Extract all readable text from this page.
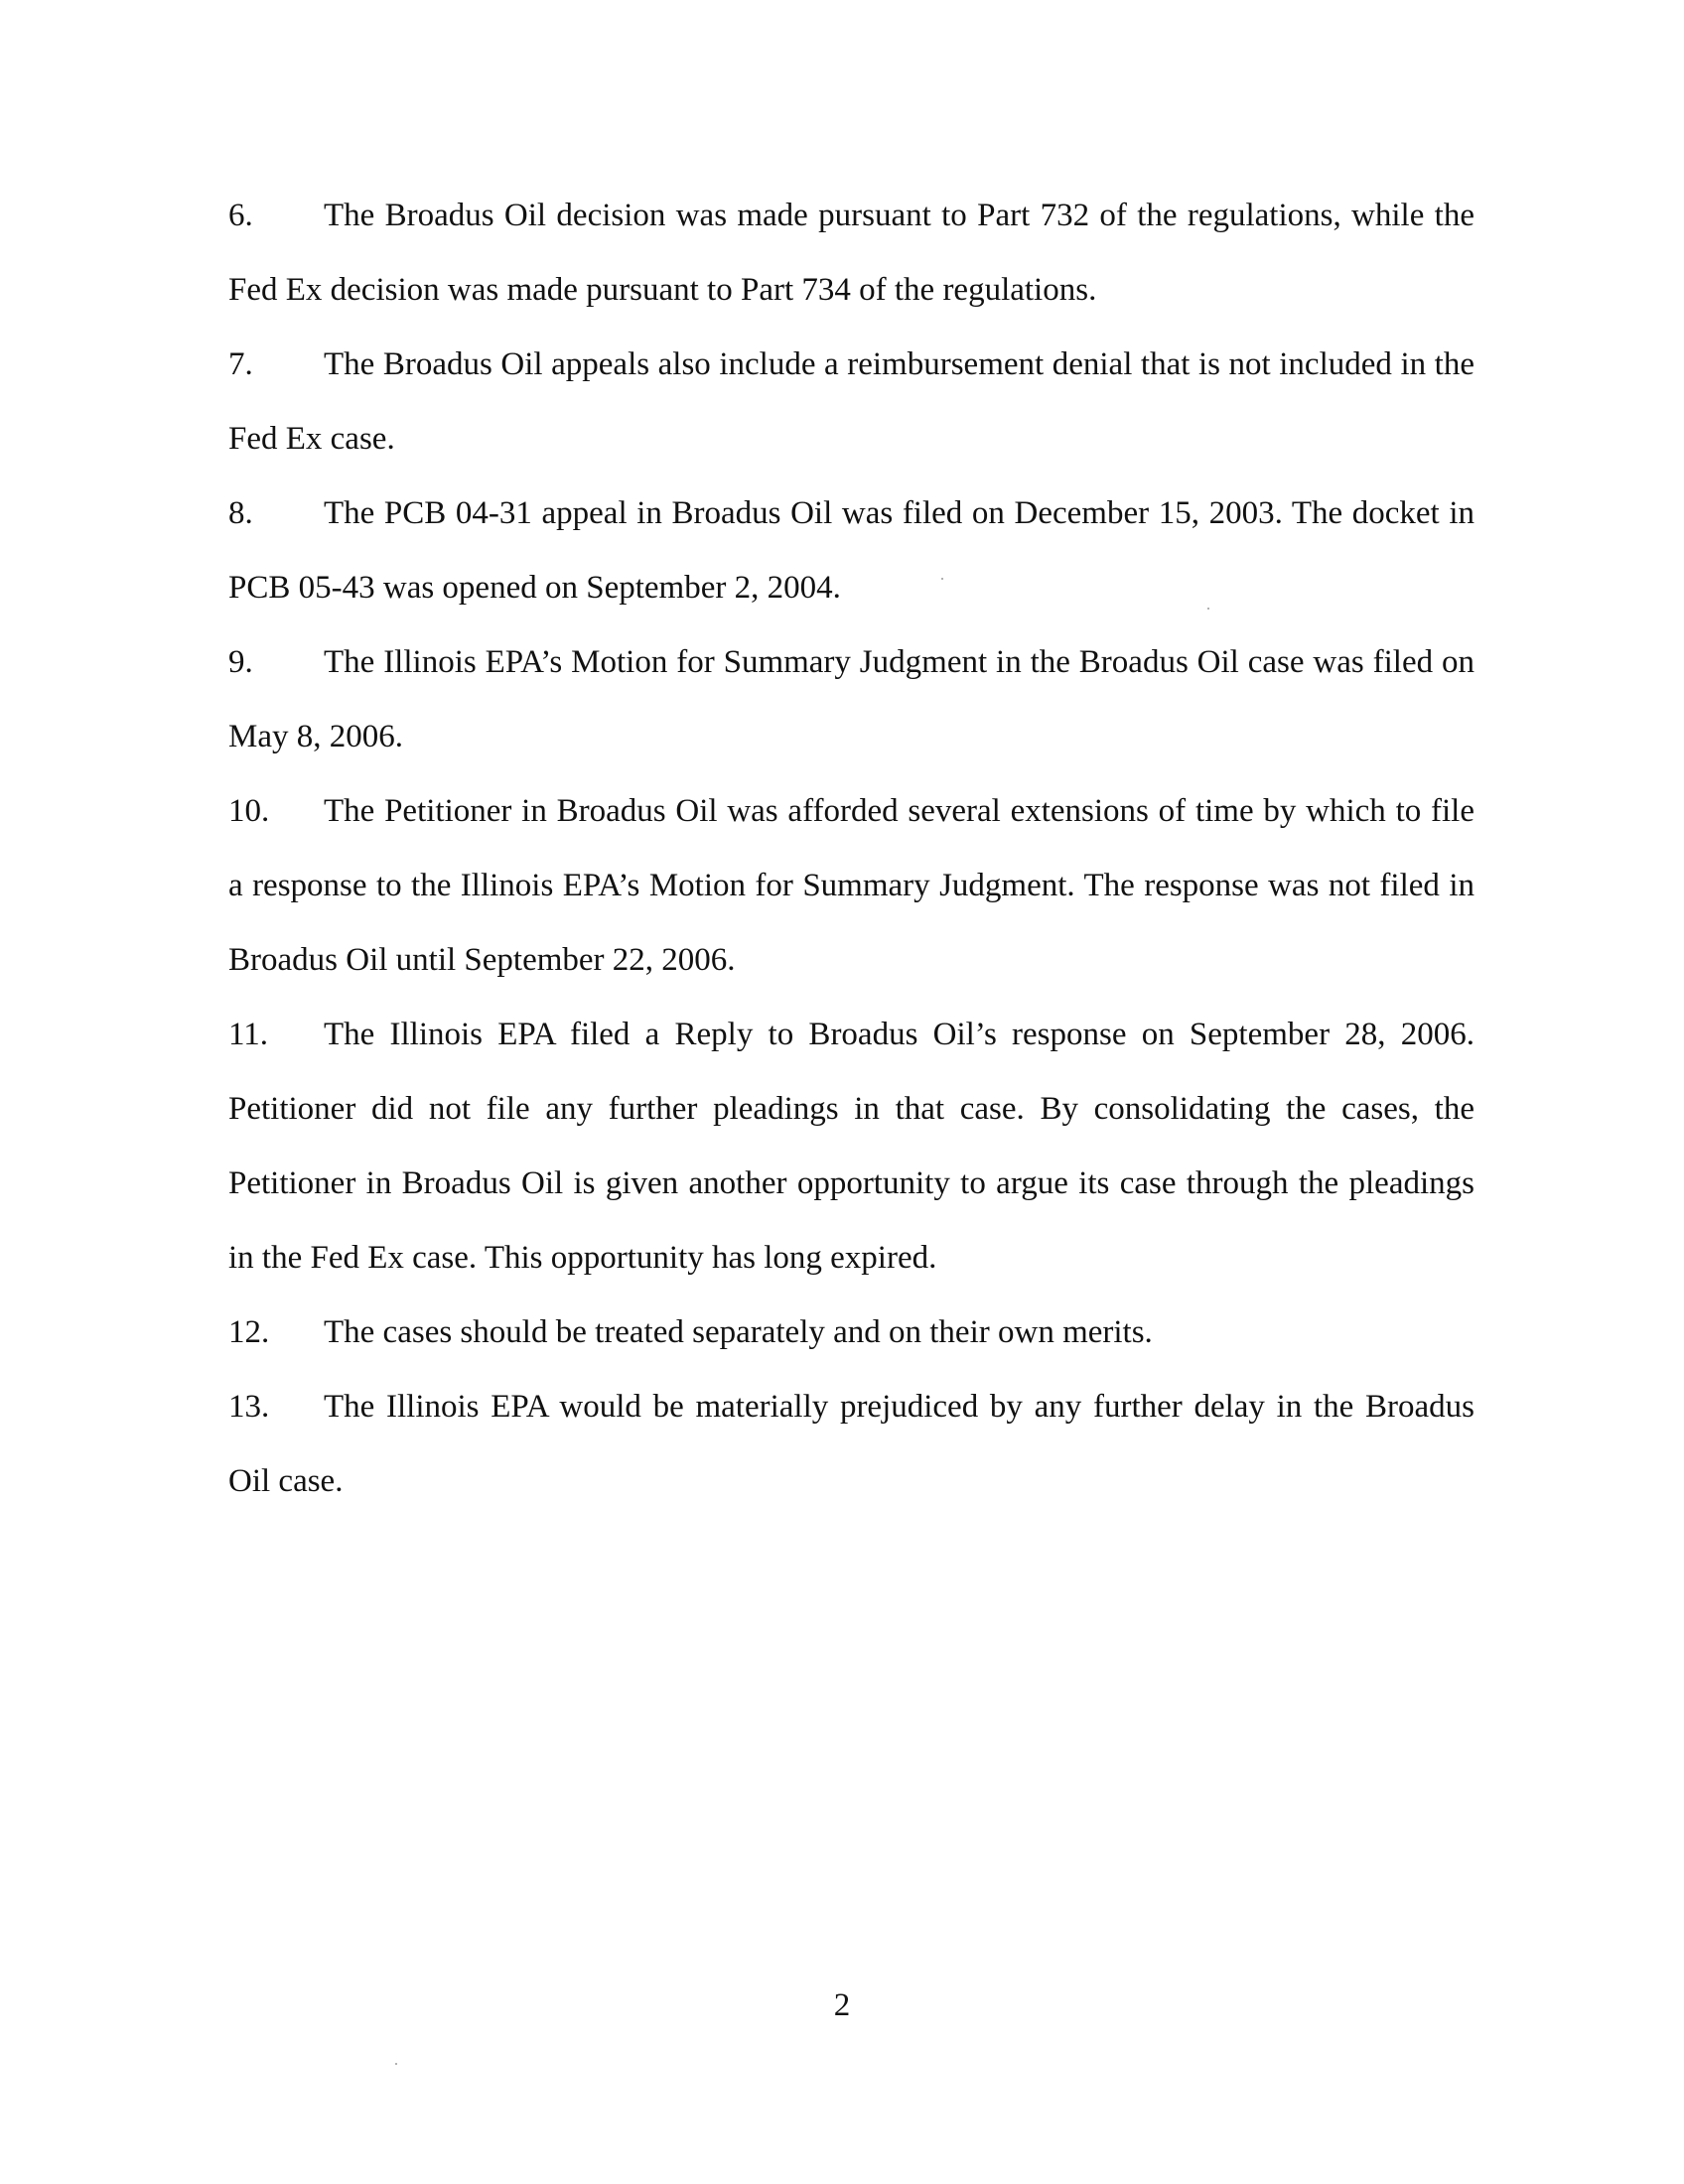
6. The Broadus Oil decision was made pursuant to Part 732 of the regulations, while the Fed Ex decision was made pursuant to Part 734 of the regulations.

7. The Broadus Oil appeals also include a reimbursement denial that is not included in the Fed Ex case.

8. The PCB 04-31 appeal in Broadus Oil was filed on December 15, 2003. The docket in PCB 05-43 was opened on September 2, 2004.

9. The Illinois EPA’s Motion for Summary Judgment in the Broadus Oil case was filed on May 8, 2006.

10. The Petitioner in Broadus Oil was afforded several extensions of time by which to file a response to the Illinois EPA’s Motion for Summary Judgment. The response was not filed in Broadus Oil until September 22, 2006.

11. The Illinois EPA filed a Reply to Broadus Oil’s response on September 28, 2006. Petitioner did not file any further pleadings in that case. By consolidating the cases, the Petitioner in Broadus Oil is given another opportunity to argue its case through the pleadings in the Fed Ex case. This opportunity has long expired.

12. The cases should be treated separately and on their own merits.

13. The Illinois EPA would be materially prejudiced by any further delay in the Broadus Oil case.

2
